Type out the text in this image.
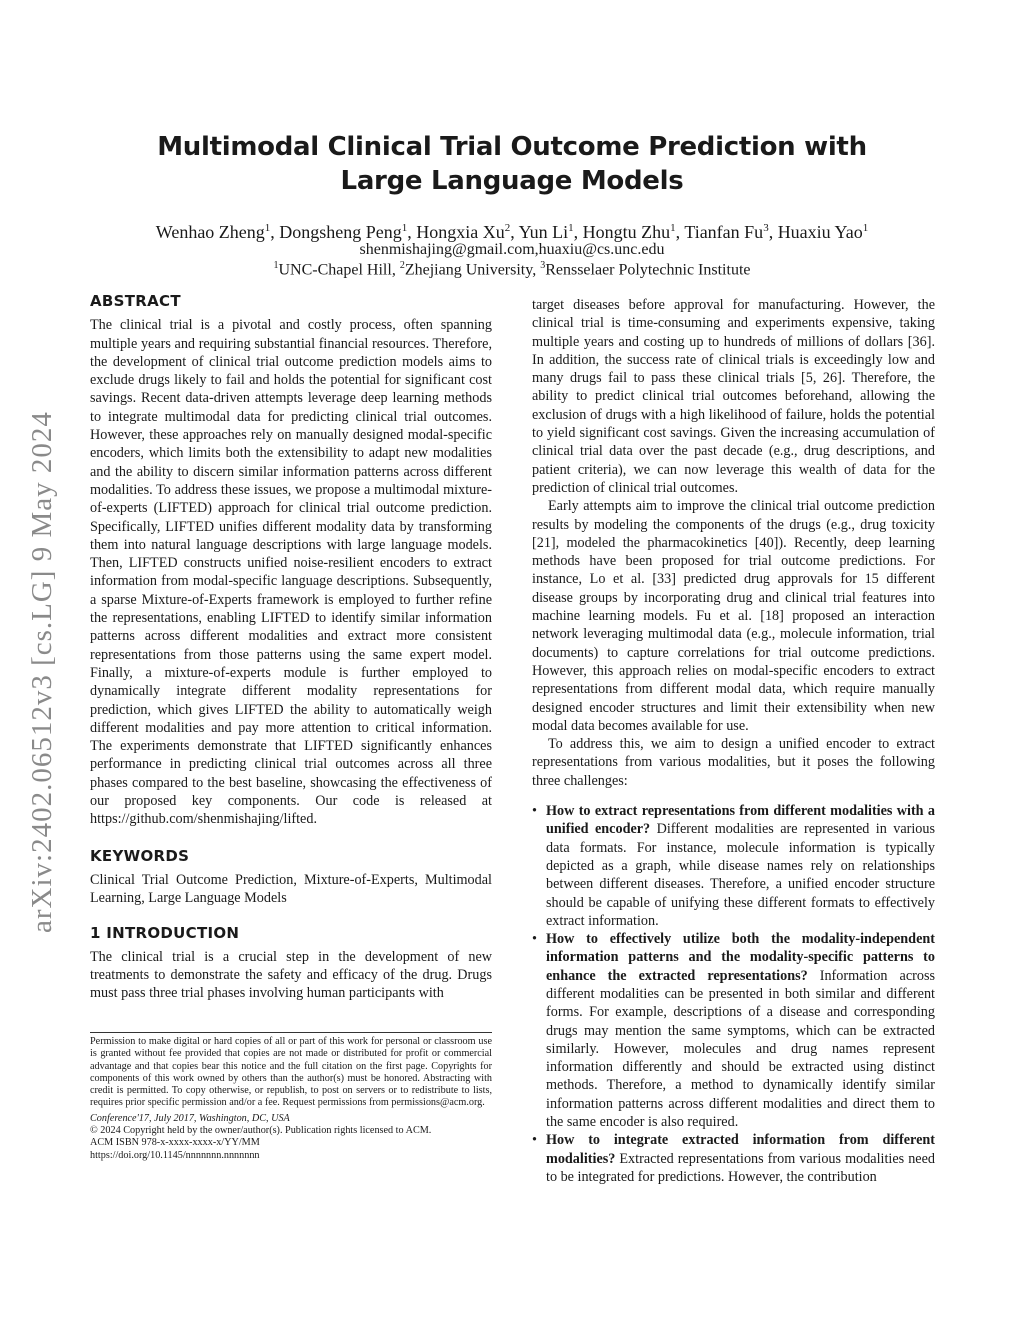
arXiv:2402.06512v3 [cs.LG] 9 May 2024
Multimodal Clinical Trial Outcome Prediction with
Large Language Models
Wenhao Zheng$^1$, Dongsheng Peng$^1$, Hongxia Xu$^2$, Yun Li$^1$, Hongtu Zhu$^1$, Tianfan Fu$^3$, Huaxiu Yao$^1$
shenmishajing@gmail.com,huaxiu@cs.unc.edu
$^1$UNC-Chapel Hill, $^2$Zhejiang University, $^3$Rensselaer Polytechnic Institute
ABSTRACT

The clinical trial is a pivotal and costly process, often spanning multiple years and requiring substantial financial resources. Therefore, the development of clinical trial outcome prediction models aims to exclude drugs likely to fail and holds the potential for significant cost savings. Recent data-driven attempts leverage deep learning methods to integrate multimodal data for predicting clinical trial outcomes. However, these approaches rely on manually designed modal-specific encoders, which limits both the extensibility to adapt new modalities and the ability to discern similar information patterns across different modalities. To address these issues, we propose a multimodal mixture-of-experts (LIFTED) approach for clinical trial outcome prediction. Specifically, LIFTED unifies different modality data by transforming them into natural language descriptions with large language models. Then, LIFTED constructs unified noise-resilient encoders to extract information from modal-specific language descriptions. Subsequently, a sparse Mixture-of-Experts framework is employed to further refine the representations, enabling LIFTED to identify similar information patterns across different modalities and extract more consistent representations from those patterns using the same expert model. Finally, a mixture-of-experts module is further employed to dynamically integrate different modality representations for prediction, which gives LIFTED the ability to automatically weigh different modalities and pay more attention to critical information. The experiments demonstrate that LIFTED significantly enhances performance in predicting clinical trial outcomes across all three phases compared to the best baseline, showcasing the effectiveness of our proposed key components. Our code is released at https://github.com/shenmishajing/lifted.

KEYWORDS

Clinical Trial Outcome Prediction, Mixture-of-Experts, Multimodal Learning, Large Language Models

1 INTRODUCTION

The clinical trial is a crucial step in the development of new treatments to demonstrate the safety and efficacy of the drug. Drugs must pass three trial phases involving human participants with

Permission to make digital or hard copies of all or part of this work for personal or classroom use is granted without fee provided that copies are not made or distributed for profit or commercial advantage and that copies bear this notice and the full citation on the first page. Copyrights for components of this work owned by others than the author(s) must be honored. Abstracting with credit is permitted. To copy otherwise, or republish, to post on servers or to redistribute to lists, requires prior specific permission and/or a fee. Request permissions from permissions@acm.org.

Conference'17, July 2017, Washington, DC, USA

© 2024 Copyright held by the owner/author(s). Publication rights licensed to ACM.

ACM ISBN 978-x-xxxx-xxxx-x/YY/MM

https://doi.org/10.1145/nnnnnnn.nnnnnnn

target diseases before approval for manufacturing. However, the clinical trial is time-consuming and experiments expensive, taking multiple years and costing up to hundreds of millions of dollars [36]. In addition, the success rate of clinical trials is exceedingly low and many drugs fail to pass these clinical trials [5, 26]. Therefore, the ability to predict clinical trial outcomes beforehand, allowing the exclusion of drugs with a high likelihood of failure, holds the potential to yield significant cost savings. Given the increasing accumulation of clinical trial data over the past decade (e.g., drug descriptions, and patient criteria), we can now leverage this wealth of data for the prediction of clinical trial outcomes.

Early attempts aim to improve the clinical trial outcome prediction results by modeling the components of the drugs (e.g., drug toxicity [21], modeled the pharmacokinetics [40]). Recently, deep learning methods have been proposed for trial outcome predictions. For instance, Lo et al. [33] predicted drug approvals for 15 different disease groups by incorporating drug and clinical trial features into machine learning models. Fu et al. [18] proposed an interaction network leveraging multimodal data (e.g., molecule information, trial documents) to capture correlations for trial outcome predictions. However, this approach relies on modal-specific encoders to extract representations from different modal data, which require manually designed encoder structures and limit their extensibility when new modal data becomes available for use.

To address this, we aim to design a unified encoder to extract representations from various modalities, but it poses the following three challenges:

• How to extract representations from different modalities with a unified encoder? Different modalities are represented in various data formats. For instance, molecule information is typically depicted as a graph, while disease names rely on relationships between different diseases. Therefore, a unified encoder structure should be capable of unifying these different formats to effectively extract information.
• How to effectively utilize both the modality-independent information patterns and the modality-specific patterns to enhance the extracted representations? Information across different modalities can be presented in both similar and different forms. For example, descriptions of a disease and corresponding drugs may mention the same symptoms, which can be extracted similarly. However, molecules and drug names represent information differently and should be extracted using distinct methods. Therefore, a method to dynamically identify similar information patterns across different modalities and direct them to the same encoder is also required.
• How to integrate extracted information from different modalities? Extracted representations from various modalities need to be integrated for predictions. However, the contribution
